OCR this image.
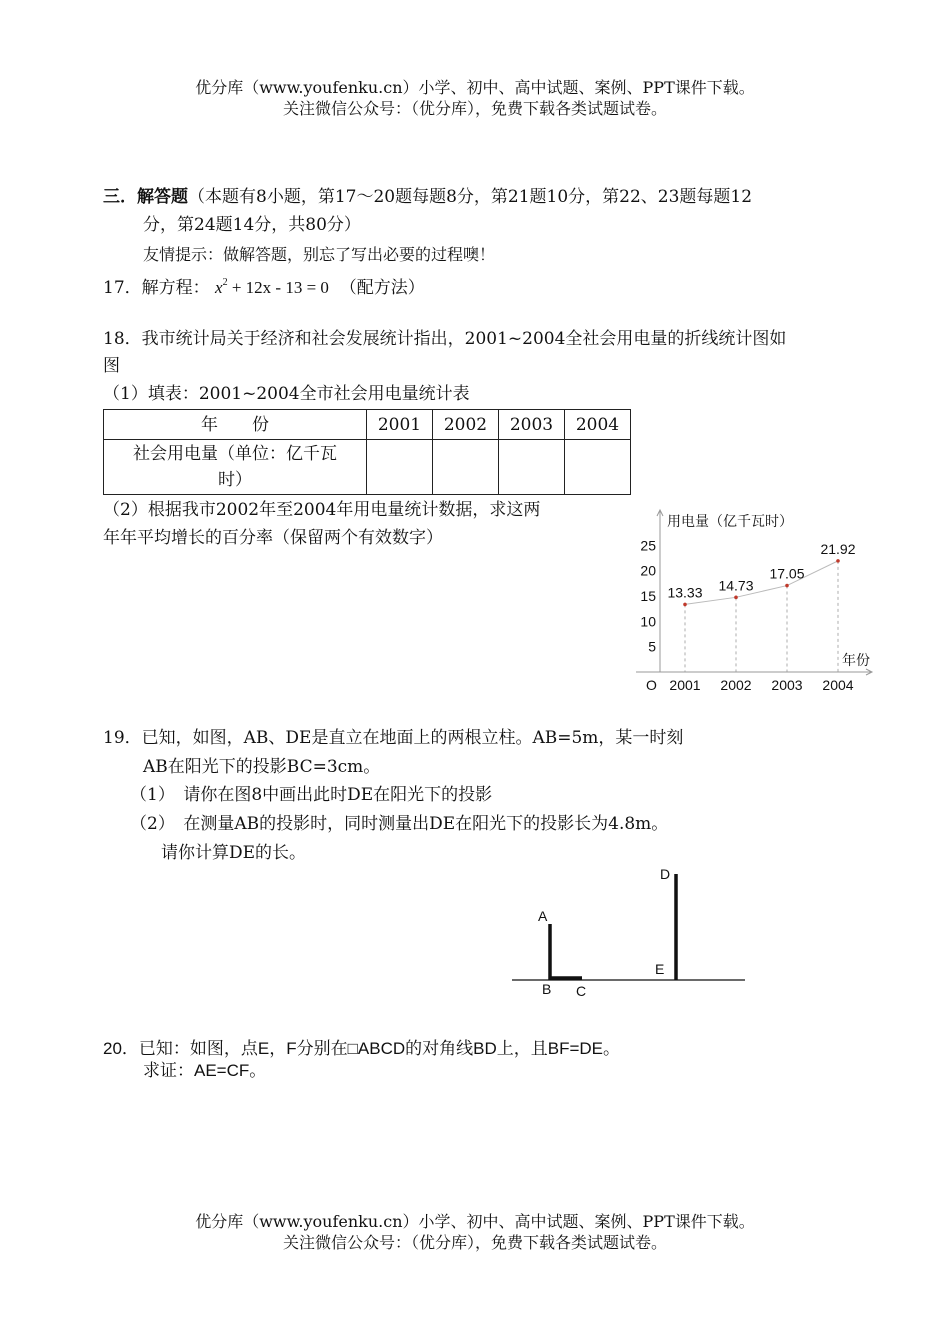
优分库（www.youfenku.cn）小学、初中、高中试题、案例、PPT课件下载。
关注微信公众号：（优分库），免费下载各类试题试卷。
三．解答题（本题有8小题，第17～20题每题8分，第21题10分，第22、23题每题12
分，第24题14分，共80分）
友情提示：做解答题，别忘了写出必要的过程噢！
17．解方程： $x^2 + 12x - 13 = 0$ （配方法）
18．我市统计局关于经济和社会发展统计指出，2001~2004全社会用电量的折线统计图如
图
（1）填表：2001~2004全市社会用电量统计表
年　　份	2001	2002	2003	2004

社会用电量（单位：亿千瓦
时）				

（2）根据我市2002年至2004年用电量统计数据，求这两
年年平均增长的百分率（保留两个有效数字）
用电量（亿千瓦时）
年份
O
5
10
15
20
25
2001 2002 2003 2004
13.33 14.73
17.05
21.92
19．已知，如图，AB、DE是直立在地面上的两根立柱。AB=5m，某一时刻
AB在阳光下的投影BC=3cm。
（1）　请你在图8中画出此时DE在阳光下的投影
（2）　在测量AB的投影时，同时测量出DE在阳光下的投影长为4.8m。
请你计算DE的长。
A
B C
D
E
20．已知：如图，点E，F分别在□ABCD的对角线BD上，且BF=DE。
求证：AE=CF。
优分库（www.youfenku.cn）小学、初中、高中试题、案例、PPT课件下载。
关注微信公众号：（优分库），免费下载各类试题试卷。
